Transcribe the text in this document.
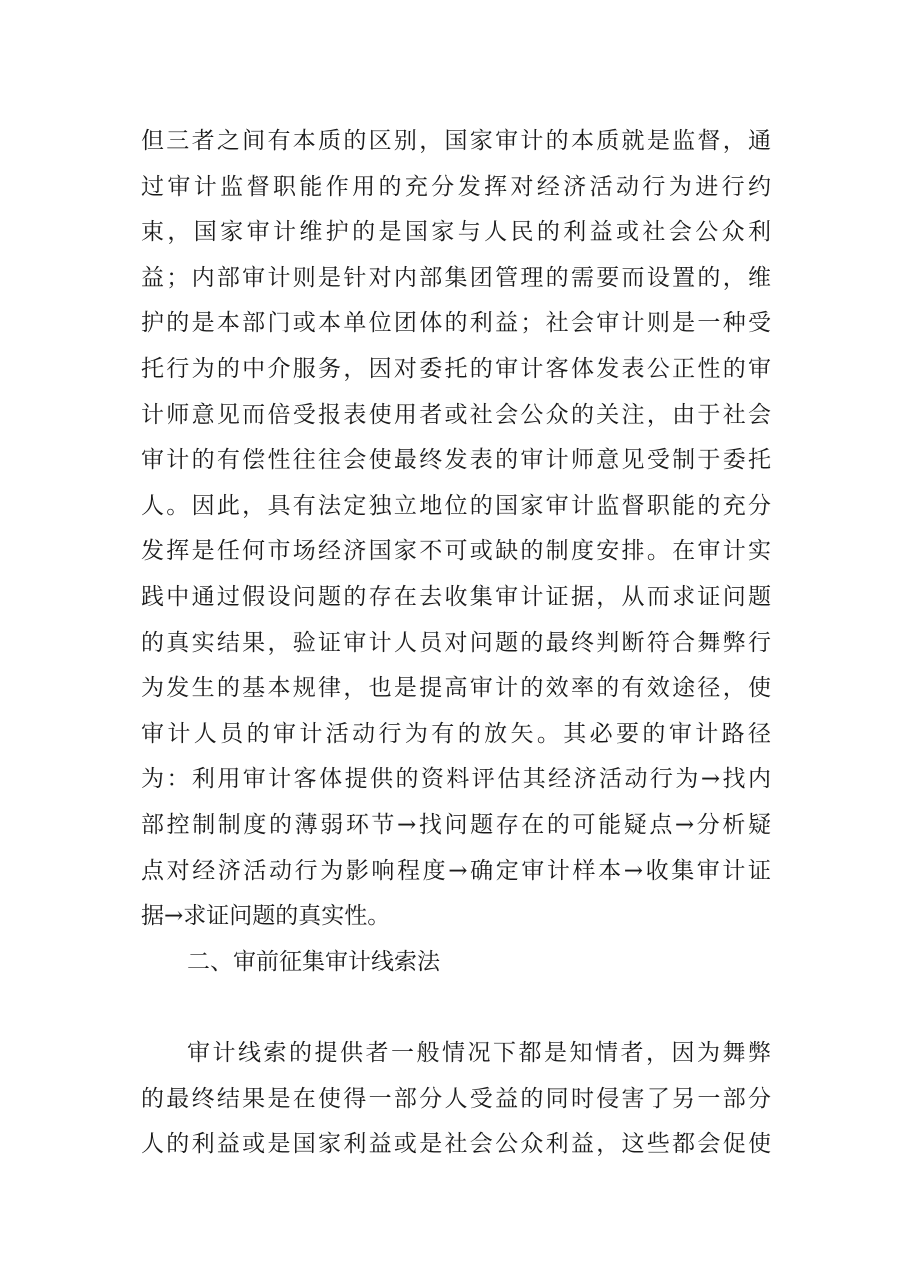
但三者之间有本质的区别，国家审计的本质就是监督，通
过审计监督职能作用的充分发挥对经济活动行为进行约
束，国家审计维护的是国家与人民的利益或社会公众利
益；内部审计则是针对内部集团管理的需要而设置的，维
护的是本部门或本单位团体的利益；社会审计则是一种受
托行为的中介服务，因对委托的审计客体发表公正性的审
计师意见而倍受报表使用者或社会公众的关注，由于社会
审计的有偿性往往会使最终发表的审计师意见受制于委托
人。因此，具有法定独立地位的国家审计监督职能的充分
发挥是任何市场经济国家不可或缺的制度安排。在审计实
践中通过假设问题的存在去收集审计证据，从而求证问题
的真实结果，验证审计人员对问题的最终判断符合舞弊行
为发生的基本规律，也是提高审计的效率的有效途径，使
审计人员的审计活动行为有的放矢。其必要的审计路径
为：利用审计客体提供的资料评估其经济活动行为→找内
部控制制度的薄弱环节→找问题存在的可能疑点→分析疑
点对经济活动行为影响程度→确定审计样本→收集审计证
据→求证问题的真实性。
二、审前征集审计线索法
审计线索的提供者一般情况下都是知情者，因为舞弊
的最终结果是在使得一部分人受益的同时侵害了另一部分
人的利益或是国家利益或是社会公众利益，这些都会促使
